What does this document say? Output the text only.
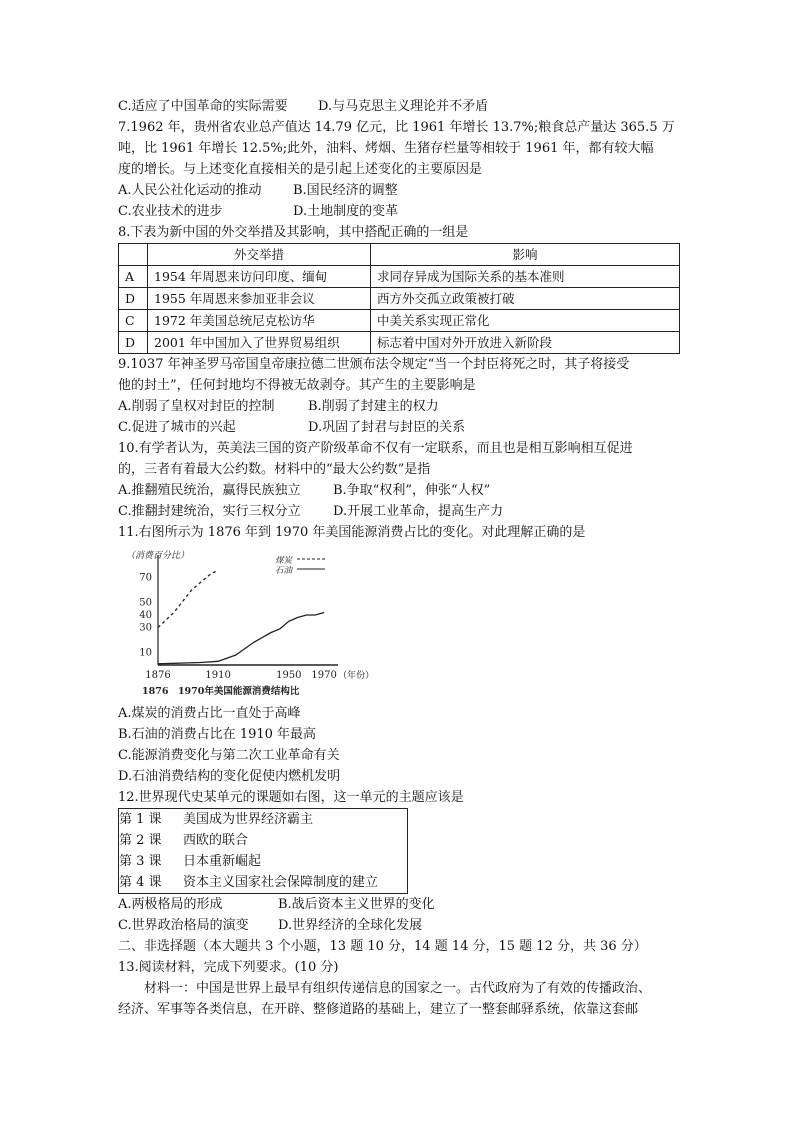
C.适应了中国革命的实际需要 D.与马克思主义理论并不矛盾
7.1962 年，贵州省农业总产值达 14.79 亿元，比 1961 年增长 13.7%;粮食总产量达 365.5 万
吨，比 1961 年增长 12.5%;此外，油料、烤烟、生猪存栏量等相较于 1961 年，都有较大幅
度的增长。与上述变化直接相关的是引起上述变化的主要原因是
A.人民公社化运动的推动 B.国民经济的调整
C.农业技术的进步	D.土地制度的变革
8.下表为新中国的外交举措及其影响，其中搭配正确的一组是
	外交举措	影响
A	1954 年周恩来访问印度、缅甸	求同存异成为国际关系的基本准则
D	1955 年周恩来参加亚非会议	西方外交孤立政策被打破
C	1972 年美国总统尼克松访华	中美关系实现正常化
D	2001 年中国加入了世界贸易组织	标志着中国对外开放进入新阶段
9.1037 年神圣罗马帝国皇帝康拉德二世颁布法令规定“当一个封臣将死之时，其子将接受
他的封土”，任何封地均不得被无故剥夺。其产生的主要影响是
A.削弱了皇权对封臣的控制	B.削弱了封建主的权力
C.促进了城市的兴起	D.巩固了封君与封臣的关系
10.有学者认为，英美法三国的资产阶级革命不仅有一定联系，而且也是相互影响相互促进
的，三者有着最大公约数。材料中的“最大公约数”是指
A.推翻殖民统治，赢得民族独立 B.争取“权利”，伸张“人权”
C.推翻封建统治，实行三权分立 D.开展工业革命，提高生产力
11.右图所示为 1876 年到 1970 年美国能源消费占比的变化。对此理解正确的是
（消费百分比）
10
30
40
50
70
1876	1910	1950 1970 （年份）
1876　1970年美国能源消费结构比
煤炭
石油
A.煤炭的消费占比一直处于高峰
B.石油的消费占比在 1910 年最高
C.能源消费变化与第二次工业革命有关
D.石油消费结构的变化促使内燃机发明
12.世界现代史某单元的课题如右图，这一单元的主题应该是
第 1 课 美国成为世界经济霸主
第 2 课 西欧的联合
第 3 课 日本重新崛起
第 4 课 资本主义国家社会保障制度的建立
A.两极格局的形成	B.战后资本主义世界的变化
C.世界政治格局的演变 D.世界经济的全球化发展
二、非选择题（本大题共 3 个小题，13 题 10 分，14 题 14 分，15 题 12 分，共 36 分）
13.阅读材料，完成下列要求。(10 分)
材料一：中国是世界上最早有组织传递信息的国家之一。古代政府为了有效的传播政治、
经济、军事等各类信息，在开辟、整修道路的基础上，建立了一整套邮驿系统，依靠这套邮
